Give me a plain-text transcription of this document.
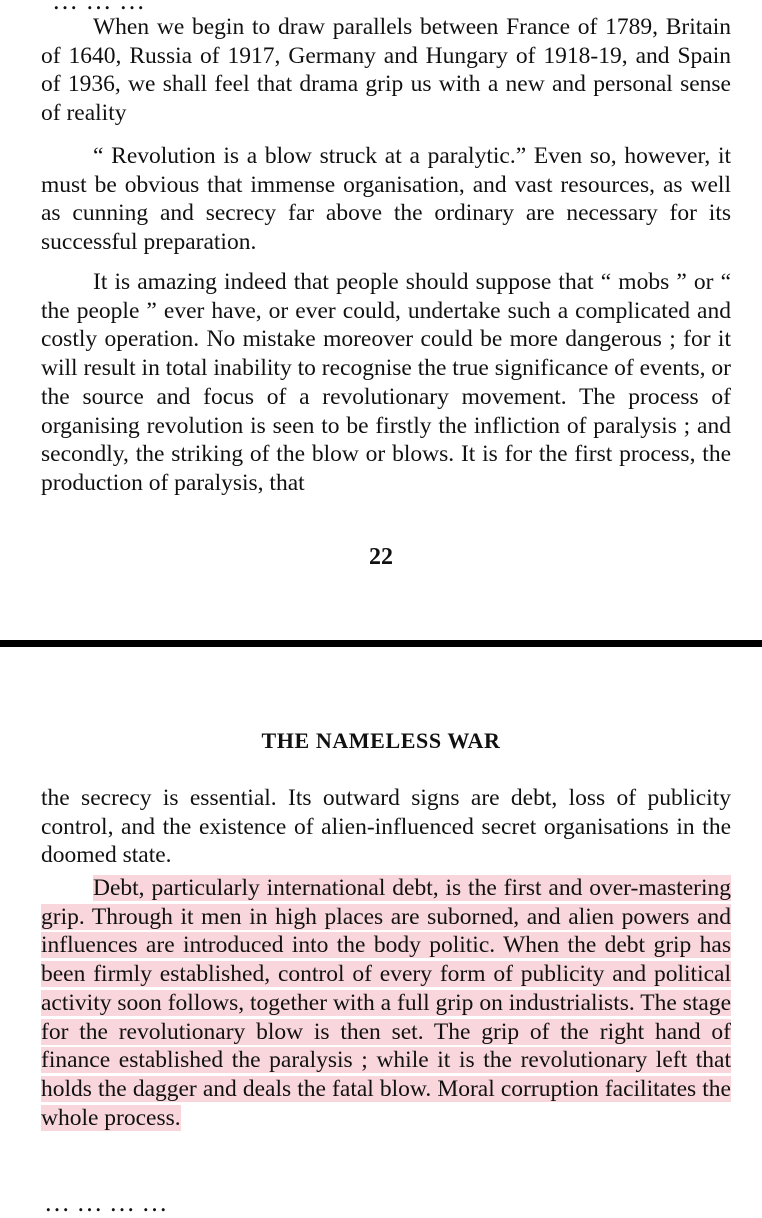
… … …

When we begin to draw parallels between France of 1789, Britain of 1640, Russia of 1917, Germany and Hungary of 1918-19, and Spain of 1936, we shall feel that drama grip us with a new and personal sense of reality

“ Revolution is a blow struck at a paralytic.” Even so, however, it must be obvious that immense organisation, and vast resources, as well as cunning and secrecy far above the ordinary are necessary for its successful preparation.

It is amazing indeed that people should suppose that “ mobs ” or “ the people ” ever have, or ever could, undertake such a complicated and costly operation. No mistake moreover could be more dangerous ; for it will result in total inability to recognise the true significance of events, or the source and focus of a revolutionary movement. The process of organising revolution is seen to be firstly the infliction of paralysis ; and secondly, the striking of the blow or blows. It is for the first process, the production of paralysis, that

22
THE NAMELESS WAR

the secrecy is essential. Its outward signs are debt, loss of publicity control, and the existence of alien-influenced secret organisations in the doomed state.

Debt, particularly international debt, is the first and over-mastering grip. Through it men in high places are suborned, and alien powers and influences are introduced into the body politic. When the debt grip has been firmly established, control of every form of publicity and political activity soon follows, together with a full grip on industrialists. The stage for the revolutionary blow is then set. The grip of the right hand of finance established the paralysis ; while it is the revolutionary left that holds the dagger and deals the fatal blow. Moral corruption facilitates the whole process.

… … … …
